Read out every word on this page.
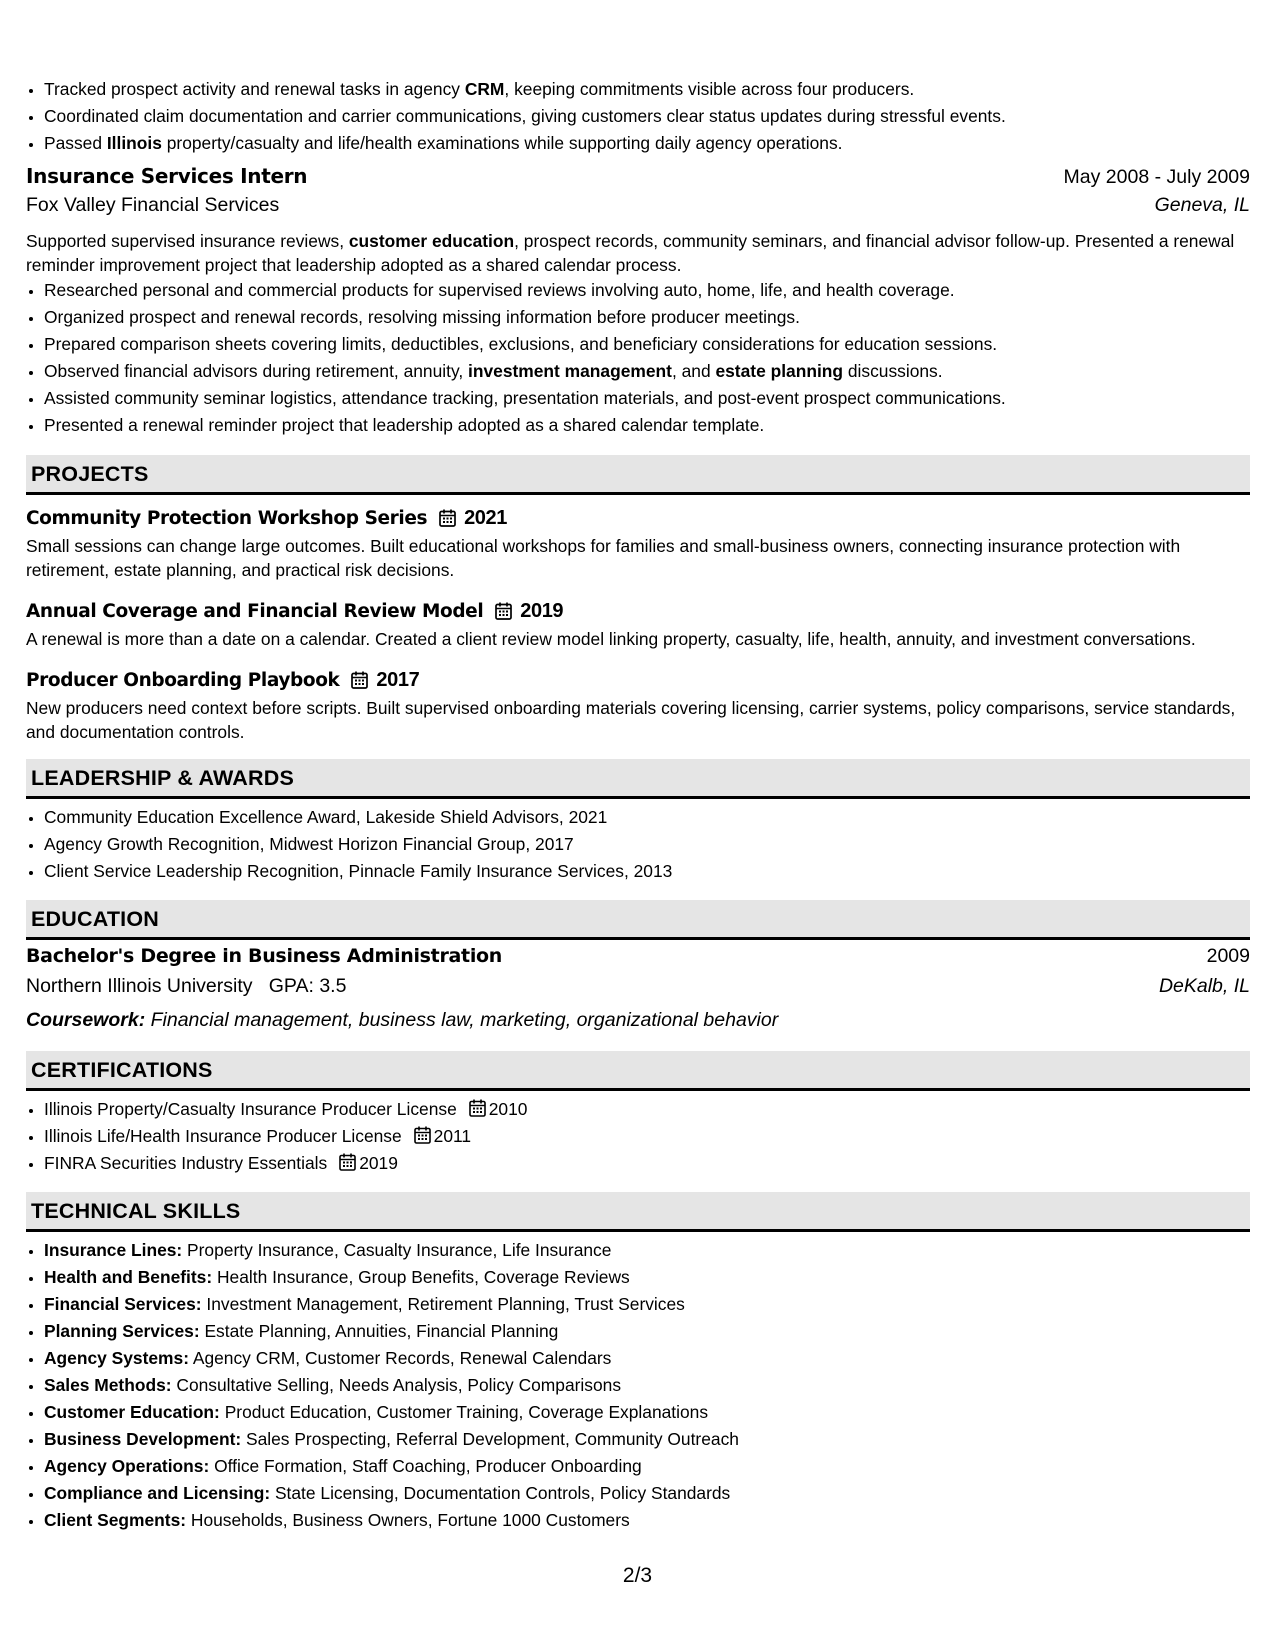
• Tracked prospect activity and renewal tasks in agency CRM, keeping commitments visible across four producers.
• Coordinated claim documentation and carrier communications, giving customers clear status updates during stressful events.
• Passed Illinois property/casualty and life/health examinations while supporting daily agency operations.
Insurance Services Intern	May 2008 - July 2009
Fox Valley Financial Services	Geneva, IL
Supported supervised insurance reviews, customer education, prospect records, community seminars, and financial advisor follow-up. Presented a renewal reminder improvement project that leadership adopted as a shared calendar process.
• Researched personal and commercial products for supervised reviews involving auto, home, life, and health coverage.
• Organized prospect and renewal records, resolving missing information before producer meetings.
• Prepared comparison sheets covering limits, deductibles, exclusions, and beneficiary considerations for education sessions.
• Observed financial advisors during retirement, annuity, investment management, and estate planning discussions.
• Assisted community seminar logistics, attendance tracking, presentation materials, and post-event prospect communications.
• Presented a renewal reminder project that leadership adopted as a shared calendar template.
PROJECTS
Community Protection Workshop Series 2021
Small sessions can change large outcomes. Built educational workshops for families and small-business owners, connecting insurance protection with retirement, estate planning, and practical risk decisions.
Annual Coverage and Financial Review Model 2019
A renewal is more than a date on a calendar. Created a client review model linking property, casualty, life, health, annuity, and investment conversations.
Producer Onboarding Playbook 2017
New producers need context before scripts. Built supervised onboarding materials covering licensing, carrier systems, policy comparisons, service standards, and documentation controls.
LEADERSHIP & AWARDS
• Community Education Excellence Award, Lakeside Shield Advisors, 2021
• Agency Growth Recognition, Midwest Horizon Financial Group, 2017
• Client Service Leadership Recognition, Pinnacle Family Insurance Services, 2013
EDUCATION
Bachelor's Degree in Business Administration	2009
Northern Illinois University GPA: 3.5	DeKalb, IL
Coursework: Financial management, business law, marketing, organizational behavior
CERTIFICATIONS
• Illinois Property/Casualty Insurance Producer License 2010
• Illinois Life/Health Insurance Producer License 2011
• FINRA Securities Industry Essentials 2019
TECHNICAL SKILLS
• Insurance Lines: Property Insurance, Casualty Insurance, Life Insurance
• Health and Benefits: Health Insurance, Group Benefits, Coverage Reviews
• Financial Services: Investment Management, Retirement Planning, Trust Services
• Planning Services: Estate Planning, Annuities, Financial Planning
• Agency Systems: Agency CRM, Customer Records, Renewal Calendars
• Sales Methods: Consultative Selling, Needs Analysis, Policy Comparisons
• Customer Education: Product Education, Customer Training, Coverage Explanations
• Business Development: Sales Prospecting, Referral Development, Community Outreach
• Agency Operations: Office Formation, Staff Coaching, Producer Onboarding
• Compliance and Licensing: State Licensing, Documentation Controls, Policy Standards
• Client Segments: Households, Business Owners, Fortune 1000 Customers
2/3
